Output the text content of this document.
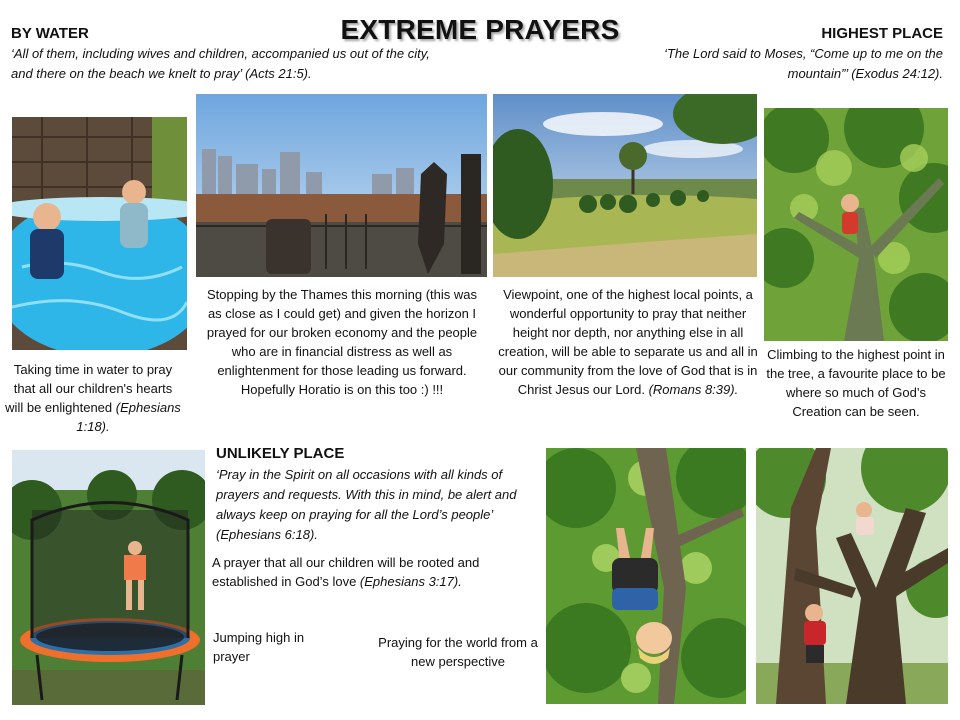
EXTREME PRAYERS
BY WATER
‘All of them, including wives and children, accompanied us out of the city, and there on the beach we knelt to pray’ (Acts 21:5).
Taking time in water to pray that all our children's hearts will be enlightened (Ephesians 1:18).
Stopping by the Thames this morning (this was as close as I could get) and given the horizon I prayed for our broken economy and the people who are in financial distress as well as enlightenment for those leading us forward. Hopefully Horatio is on this too :) !!!
Viewpoint, one of the highest local points, a wonderful opportunity to pray that neither height nor depth, nor anything else in all creation, will be able to separate us and all in our community from the love of God that is in Christ Jesus our Lord. (Romans 8:39).
HIGHEST PLACE
‘The Lord said to Moses, “Come up to me on the mountain”’ (Exodus 24:12).
Climbing to the highest point in the tree, a favourite place to be where so much of God’s Creation can be seen.
UNLIKELY PLACE
‘Pray in the Spirit on all occasions with all kinds of prayers and requests. With this in mind, be alert and always keep on praying for all the Lord’s people’ (Ephesians 6:18).
A prayer that all our children will be rooted and established in God’s love (Ephesians 3:17).
Jumping high in prayer
Praying for the world from a new perspective
